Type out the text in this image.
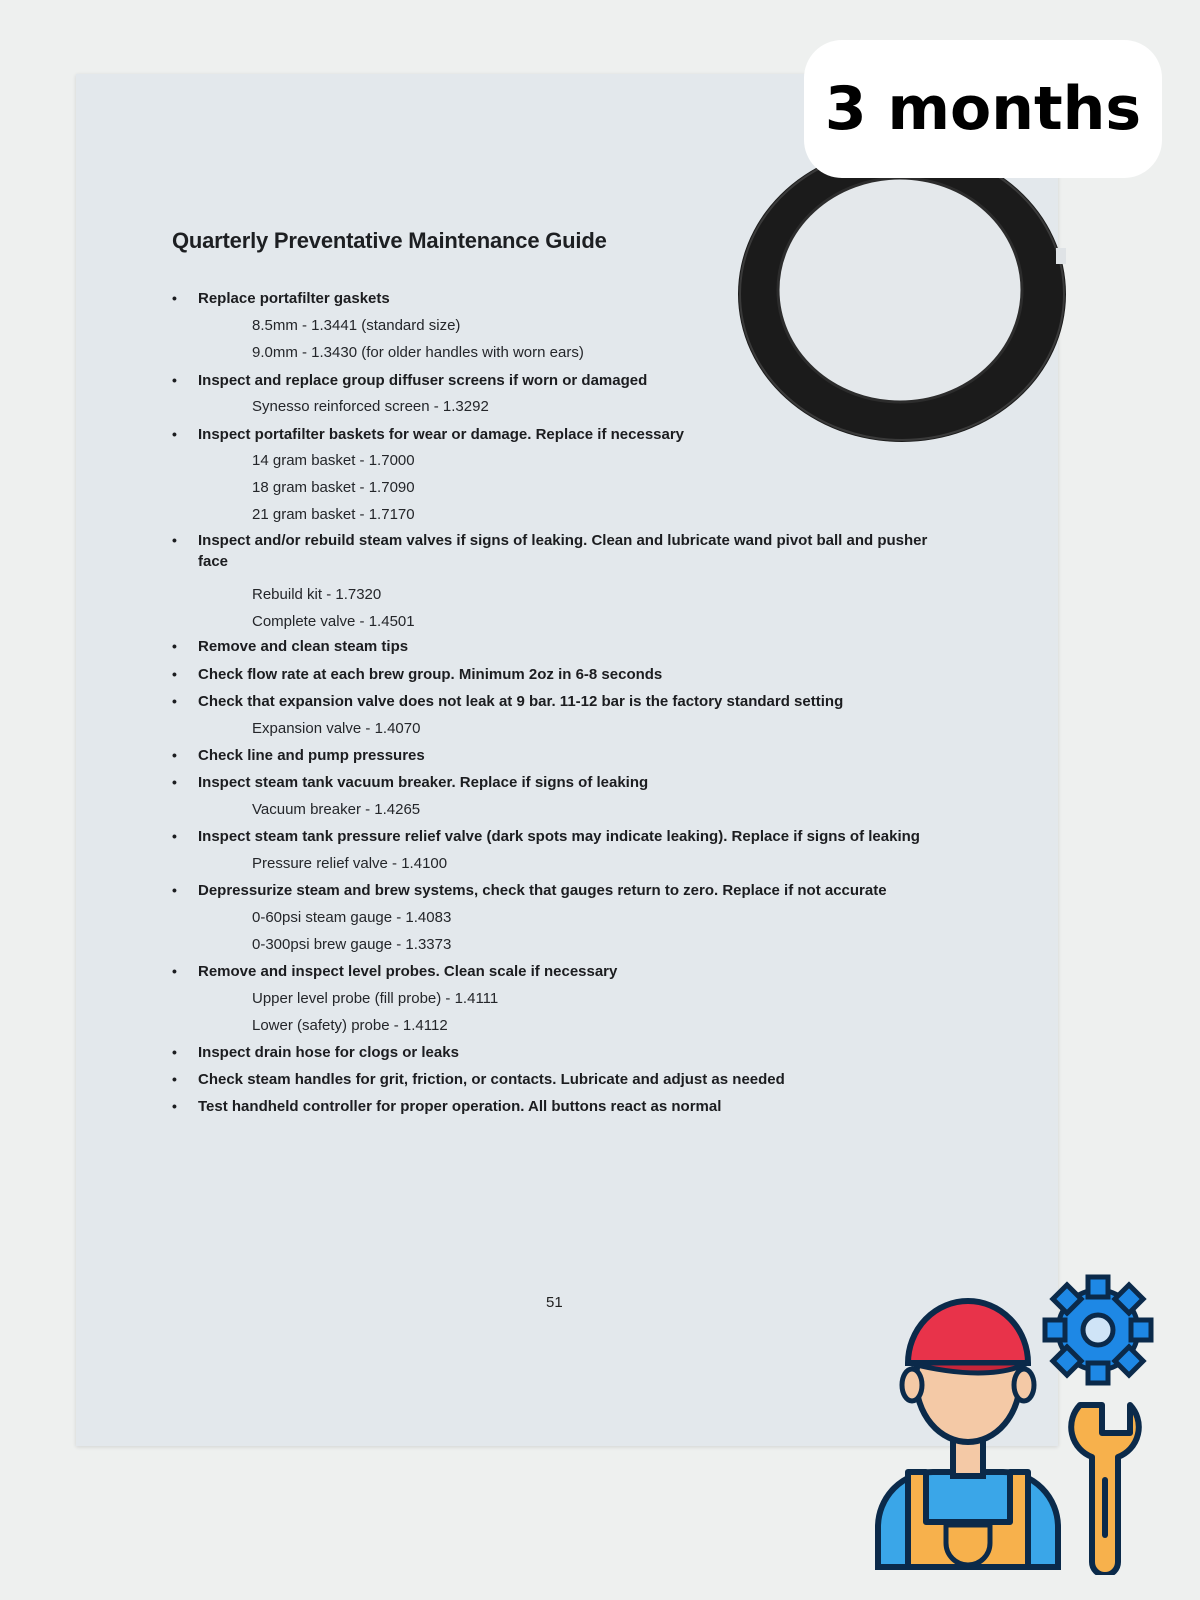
Quarterly Preventative Maintenance Guide
• Replace portafilter gaskets
8.5mm - 1.3441 (standard size)
9.0mm - 1.3430 (for older handles with worn ears)
• Inspect and replace group diffuser screens if worn or damaged
Synesso reinforced screen - 1.3292
• Inspect portafilter baskets for wear or damage. Replace if necessary
14 gram basket - 1.7000
18 gram basket - 1.7090
21 gram basket - 1.7170
• Inspect and/or rebuild steam valves if signs of leaking. Clean and lubricate wand pivot ball and pusher face
Rebuild kit - 1.7320
Complete valve - 1.4501
• Remove and clean steam tips
• Check flow rate at each brew group. Minimum 2oz in 6-8 seconds
• Check that expansion valve does not leak at 9 bar. 11-12 bar is the factory standard setting
Expansion valve - 1.4070
• Check line and pump pressures
• Inspect steam tank vacuum breaker. Replace if signs of leaking
Vacuum breaker - 1.4265
• Inspect steam tank pressure relief valve (dark spots may indicate leaking). Replace if signs of leaking
Pressure relief valve - 1.4100
• Depressurize steam and brew systems, check that gauges return to zero. Replace if not accurate
0-60psi steam gauge - 1.4083
0-300psi brew gauge - 1.3373
• Remove and inspect level probes. Clean scale if necessary
Upper level probe (fill probe) - 1.4111
Lower (safety) probe - 1.4112
• Inspect drain hose for clogs or leaks
• Check steam handles for grit, friction, or contacts. Lubricate and adjust as needed
• Test handheld controller for proper operation. All buttons react as normal
51
3 months
